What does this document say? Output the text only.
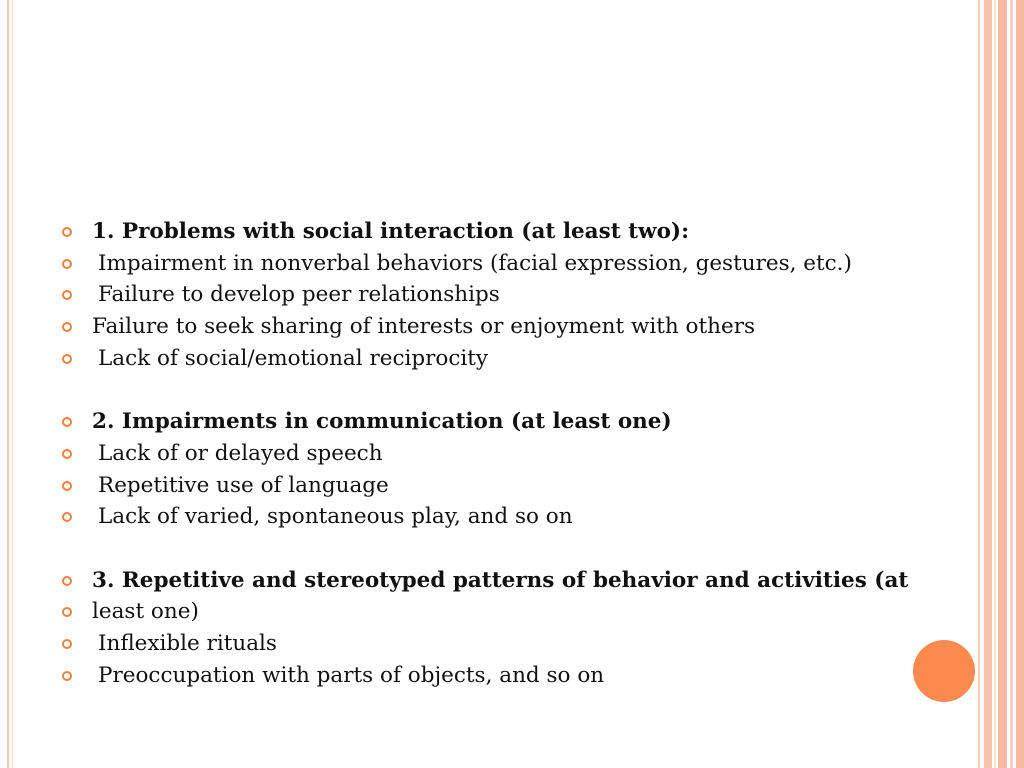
1. Problems with social interaction (at least two):
Impairment in nonverbal behaviors (facial expression, gestures, etc.)
Failure to develop peer relationships
Failure to seek sharing of interests or enjoyment with others
Lack of social/emotional reciprocity
2. Impairments in communication (at least one)
Lack of or delayed speech
Repetitive use of language
Lack of varied, spontaneous play, and so on
3. Repetitive and stereotyped patterns of behavior and activities (at
least one)
Inflexible rituals
Preoccupation with parts of objects, and so on
